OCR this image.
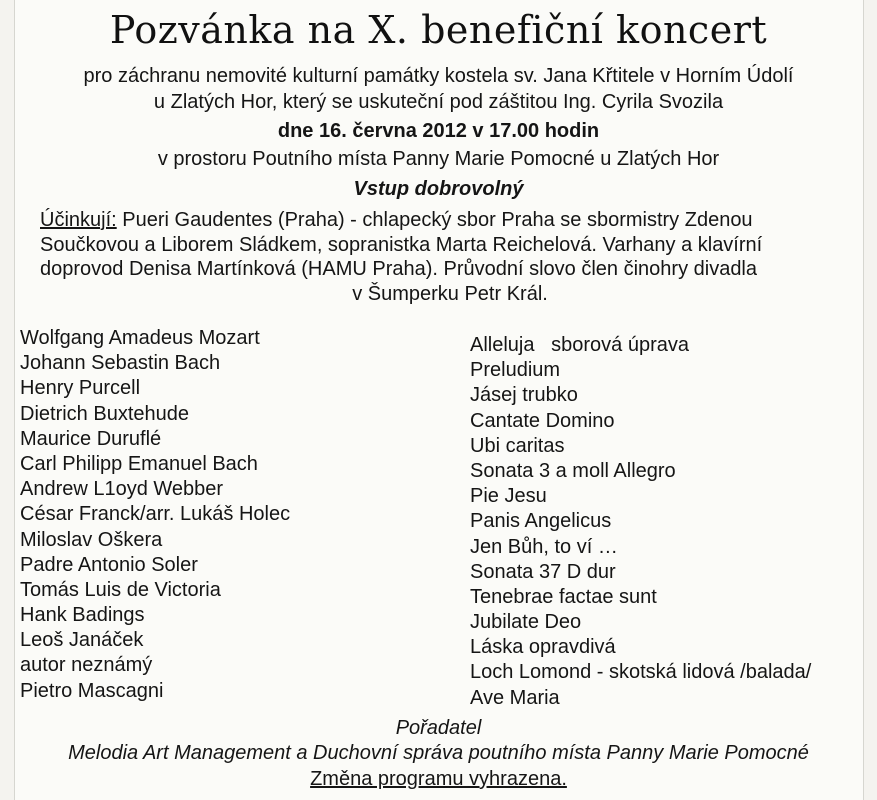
Pozvánka na X. benefiční koncert
pro záchranu nemovité kulturní památky kostela sv. Jana Křtitele v Horním Údolí
u Zlatých Hor, který se uskuteční pod záštitou Ing. Cyrila Svozila
dne 16. června 2012 v 17.00 hodin
v prostoru Poutního místa Panny Marie Pomocné u Zlatých Hor
Vstup dobrovolný
Účinkují: Pueri Gaudentes (Praha) - chlapecký sbor Praha se sbormistry Zdenou
Součkovou a Liborem Sládkem, sopranistka Marta Reichelová. Varhany a klavírní
doprovod Denisa Martínková (HAMU Praha). Průvodní slovo člen činohry divadla
v Šumperku Petr Král.
Wolfgang Amadeus Mozart
Johann Sebastin Bach
Henry Purcell
Dietrich Buxtehude
Maurice Duruflé
Carl Philipp Emanuel Bach
Andrew L1oyd Webber
César Franck/arr. Lukáš Holec
Miloslav Oškera
Padre Antonio Soler
Tomás Luis de Victoria
Hank Badings
Leoš Janáček
autor neznámý
Pietro Mascagni
Alleluja   sborová úprava
Preludium
Jásej trubko
Cantate Domino
Ubi caritas
Sonata 3 a moll Allegro
Pie Jesu
Panis Angelicus
Jen Bůh, to ví …
Sonata 37 D dur
Tenebrae factae sunt
Jubilate Deo
Láska opravdivá
Loch Lomond - skotská lidová /balada/
Ave Maria
Pořadatel
Melodia Art Management a Duchovní správa poutního místa Panny Marie Pomocné
Změna programu vyhrazena.
